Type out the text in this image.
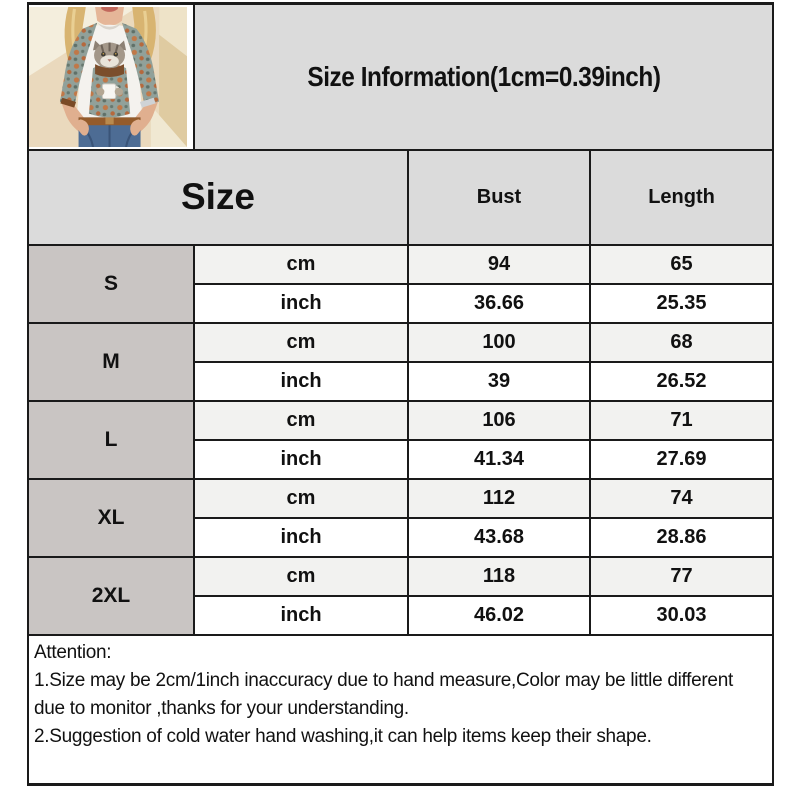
	Size Information(1cm=0.39inch)		
Size		Bust	Length
S	cm	94	65
	inch	36.66	25.35
M	cm	100	68
	inch	39	26.52
L	cm	106	71
	inch	41.34	27.69
XL	cm	112	74
	inch	43.68	28.86
2XL	cm	118	77
	inch	46.02	30.03

Attention:
1.Size may be 2cm/1inch inaccuracy due to hand measure,Color may be little different due to monitor ,thanks for your understanding.
2.Suggestion of cold water hand washing,it can help items keep their shape.			
